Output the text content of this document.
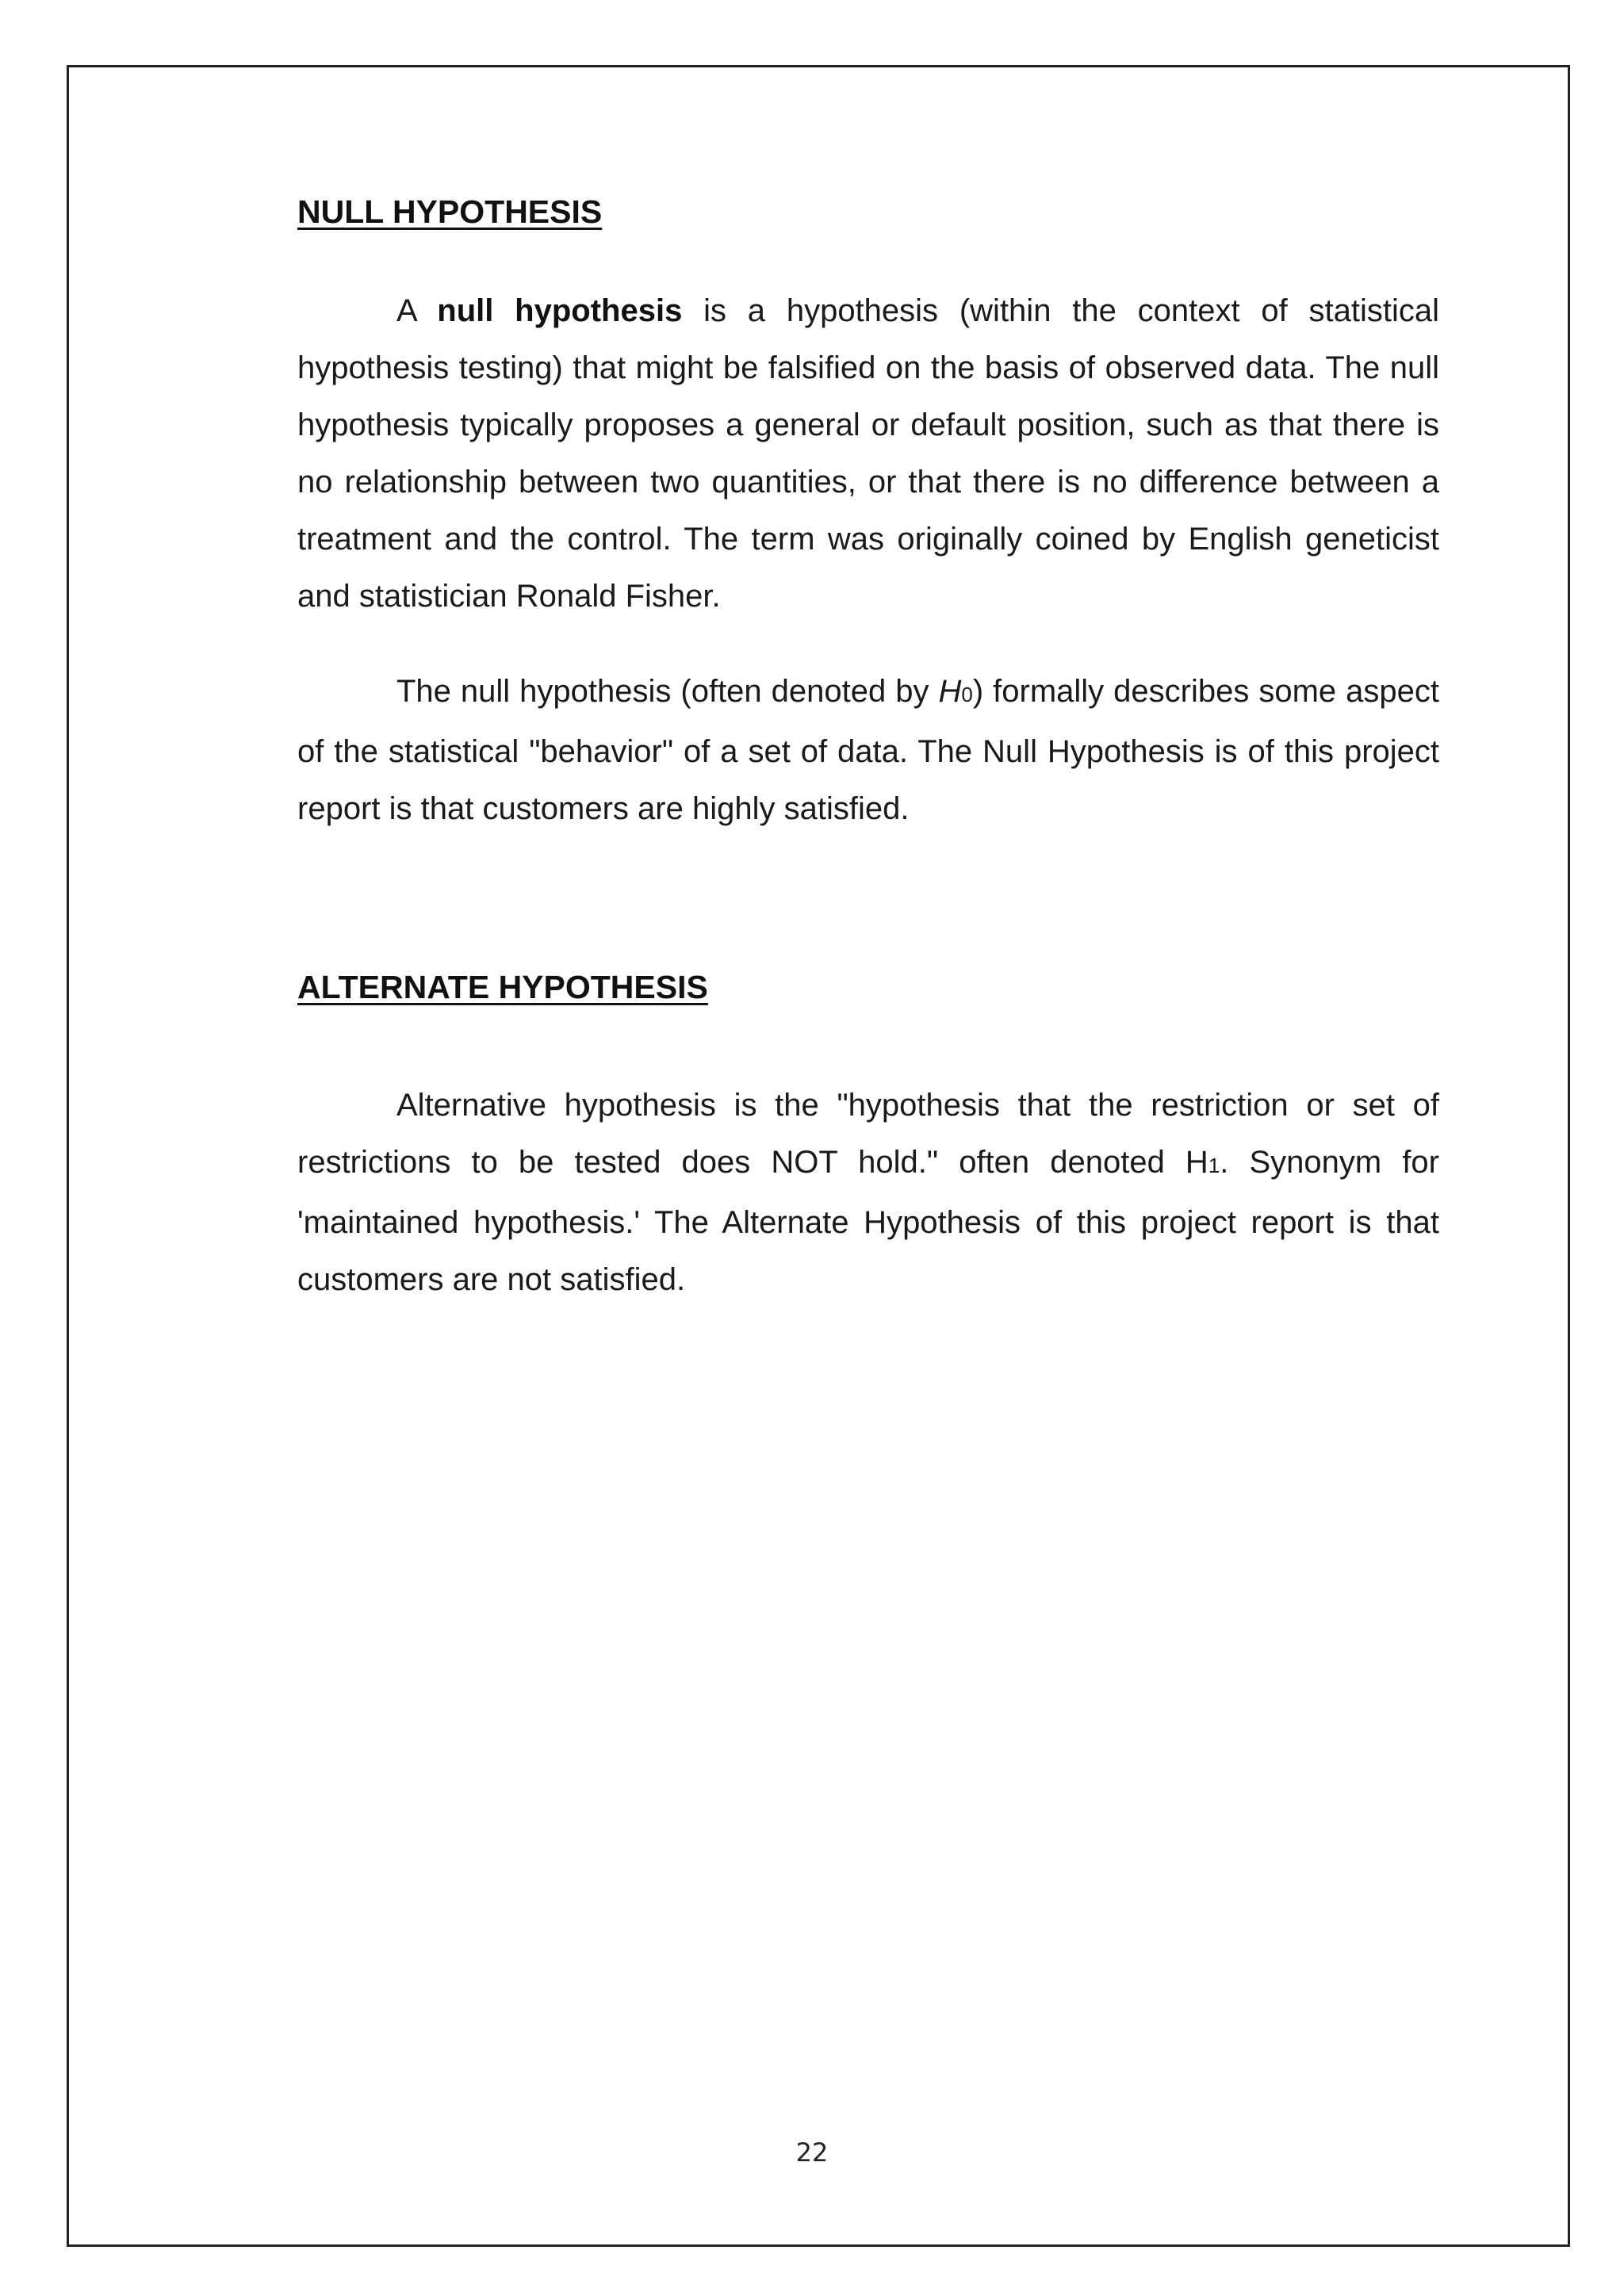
NULL HYPOTHESIS

A null hypothesis is a hypothesis (within the context of statistical hypothesis testing) that might be falsified on the basis of observed data. The null hypothesis typically proposes a general or default position, such as that there is no relationship between two quantities, or that there is no difference between a treatment and the control. The term was originally coined by English geneticist and statistician Ronald Fisher.

The null hypothesis (often denoted by H0) formally describes some aspect of the statistical "behavior" of a set of data. The Null Hypothesis is of this project report is that customers are highly satisfied.

ALTERNATE HYPOTHESIS

Alternative hypothesis is the "hypothesis that the restriction or set of restrictions to be tested does NOT hold." often denoted H1. Synonym for 'maintained hypothesis.' The Alternate Hypothesis of this project report is that customers are not satisfied.

22
